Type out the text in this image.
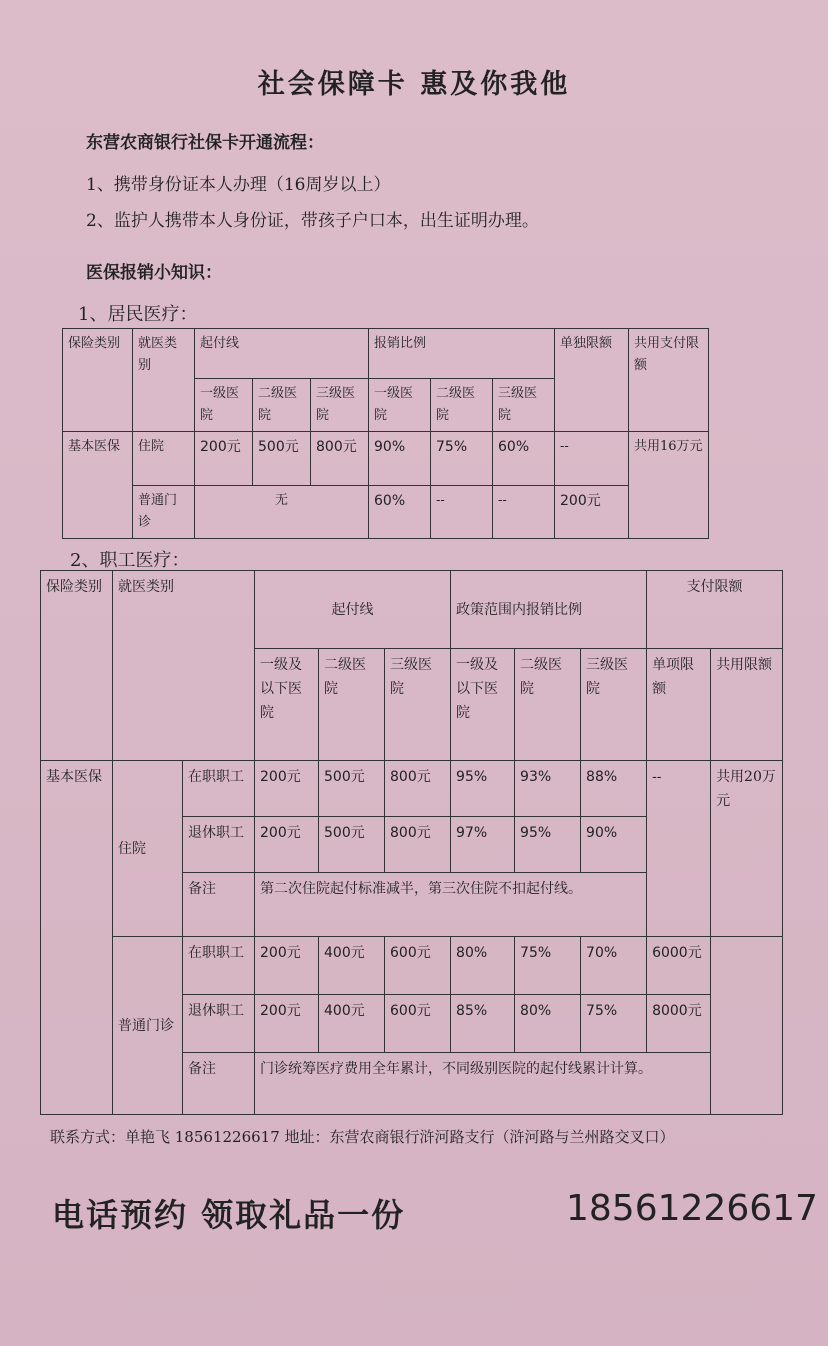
社会保障卡 惠及你我他
东营农商银行社保卡开通流程：
1、携带身份证本人办理（16周岁以上）
2、监护人携带本人身份证，带孩子户口本，出生证明办理。
医保报销小知识：
1、居民医疗：
保险类别	就医类别	起付线			报销比例			单独限额	共用支付限额
		一级医院	二级医院	三级医院	一级医院	二级医院	三级医院		
基本医保	住院	200元	500元	800元	90%	75%	60%	--	共用16万元
	普通门诊	无			60%	--	--	200元	
2、职工医疗：
保险类别	就医类别		起付线			政策范围内报销比例			支付限额	
			一级及以下医院	二级医院	三级医院	一级及以下医院	二级医院	三级医院	单项限额	共用限额
基本医保	住院	在职职工	200元	500元	800元	95%	93%	88%	--	共用20万元
		退休职工	200元	500元	800元	97%	95%	90%		
		备注	第二次住院起付标准减半，第三次住院不扣起付线。							
	普通门诊	在职职工	200元	400元	600元	80%	75%	70%	6000元	
		退休职工	200元	400元	600元	85%	80%	75%	8000元	
		备注	门诊统筹医疗费用全年累计，不同级别医院的起付线累计计算。							
联系方式：单艳飞 18561226617 地址：东营农商银行浒河路支行（浒河路与兰州路交叉口）
电话预约 领取礼品一份	18561226617
